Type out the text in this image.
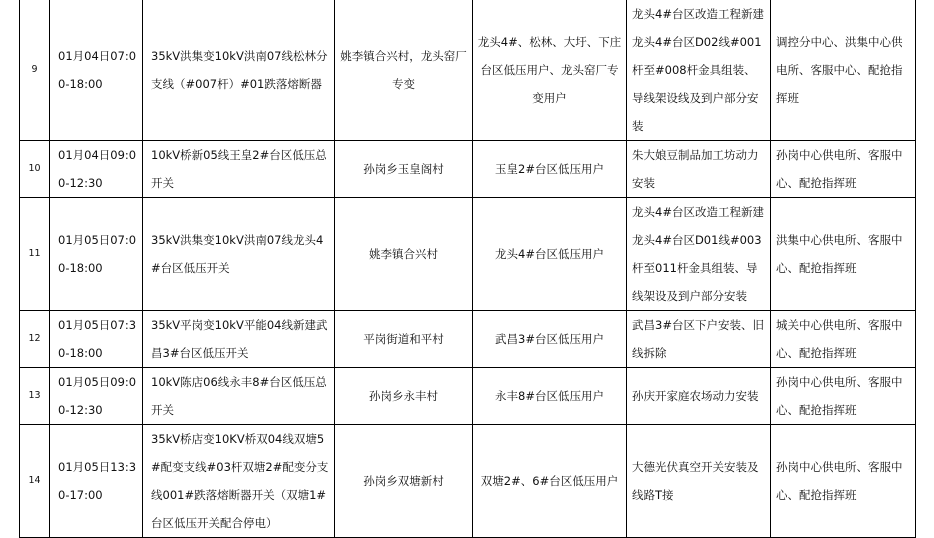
9	01月04日07:00-18:00	35kV洪集变10kV洪南07线松林分支线（#007杆）#01跌落熔断器	姚李镇合兴村，龙头窑厂专变	龙头4#、松林、大圩、下庄台区低压用户、龙头窑厂专变用户	龙头4#台区改造工程新建龙头4#台区D02线#001杆至#008杆金具组装、导线架设线及到户部分安装	调控分中心、洪集中心供电所、客服中心、配抢指挥班
10	01月04日09:00-12:30	10kV桥新05线王皇2#台区低压总开关	孙岗乡玉皇阁村	玉皇2#台区低压用户	朱大娘豆制品加工坊动力安装	孙岗中心供电所、客服中心、配抢指挥班
11	01月05日07:00-18:00	35kV洪集变10kV洪南07线龙头4#台区低压开关	姚李镇合兴村	龙头4#台区低压用户	龙头4#台区改造工程新建龙头4#台区D01线#003杆至011杆金具组装、导线架设及到户部分安装	洪集中心供电所、客服中心、配抢指挥班
12	01月05日07:30-18:00	35kV平岗变10kV平能04线新建武昌3#台区低压开关	平岗街道和平村	武昌3#台区低压用户	武昌3#台区下户安装、旧线拆除	城关中心供电所、客服中心、配抢指挥班
13	01月05日09:00-12:30	10kV陈店06线永丰8#台区低压总开关	孙岗乡永丰村	永丰8#台区低压用户	孙庆开家庭农场动力安装	孙岗中心供电所、客服中心、配抢指挥班
14	01月05日13:30-17:00	35kV桥店变10KV桥双04线双塘5#配变支线#03杆双塘2#配变分支线001#跌落熔断器开关（双塘1#台区低压开关配合停电）	孙岗乡双塘新村	双塘2#、6#台区低压用户	大德光伏真空开关安装及线路T接	孙岗中心供电所、客服中心、配抢指挥班
